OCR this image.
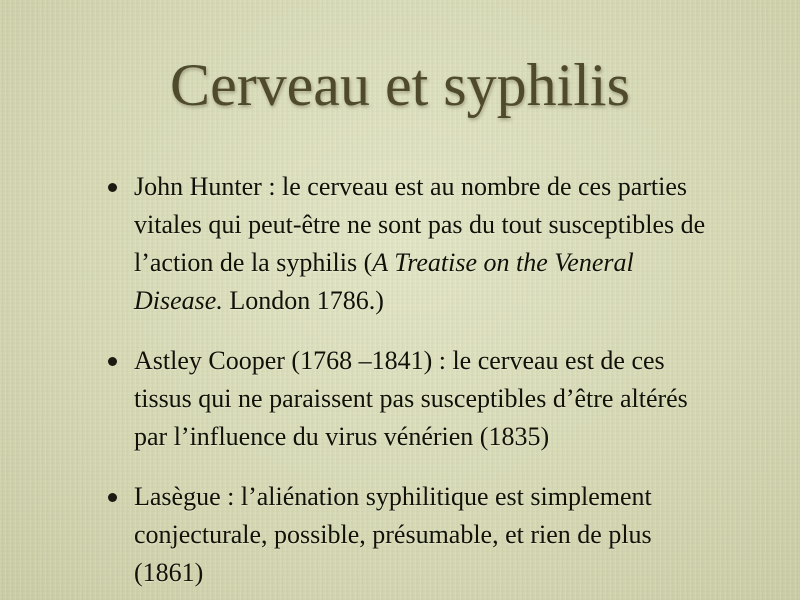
Cerveau et syphilis
John Hunter : le cerveau est au nombre de ces parties vitales qui peut-être ne sont pas du tout susceptibles de l’action de la syphilis (A Treatise on the Veneral Disease. London 1786.)
Astley Cooper (1768 –1841) : le cerveau est de ces tissus qui ne paraissent pas susceptibles d’être altérés par l’influence du virus vénérien (1835)
Lasègue : l’aliénation syphilitique est simplement conjecturale, possible, présumable, et rien de plus (1861)
